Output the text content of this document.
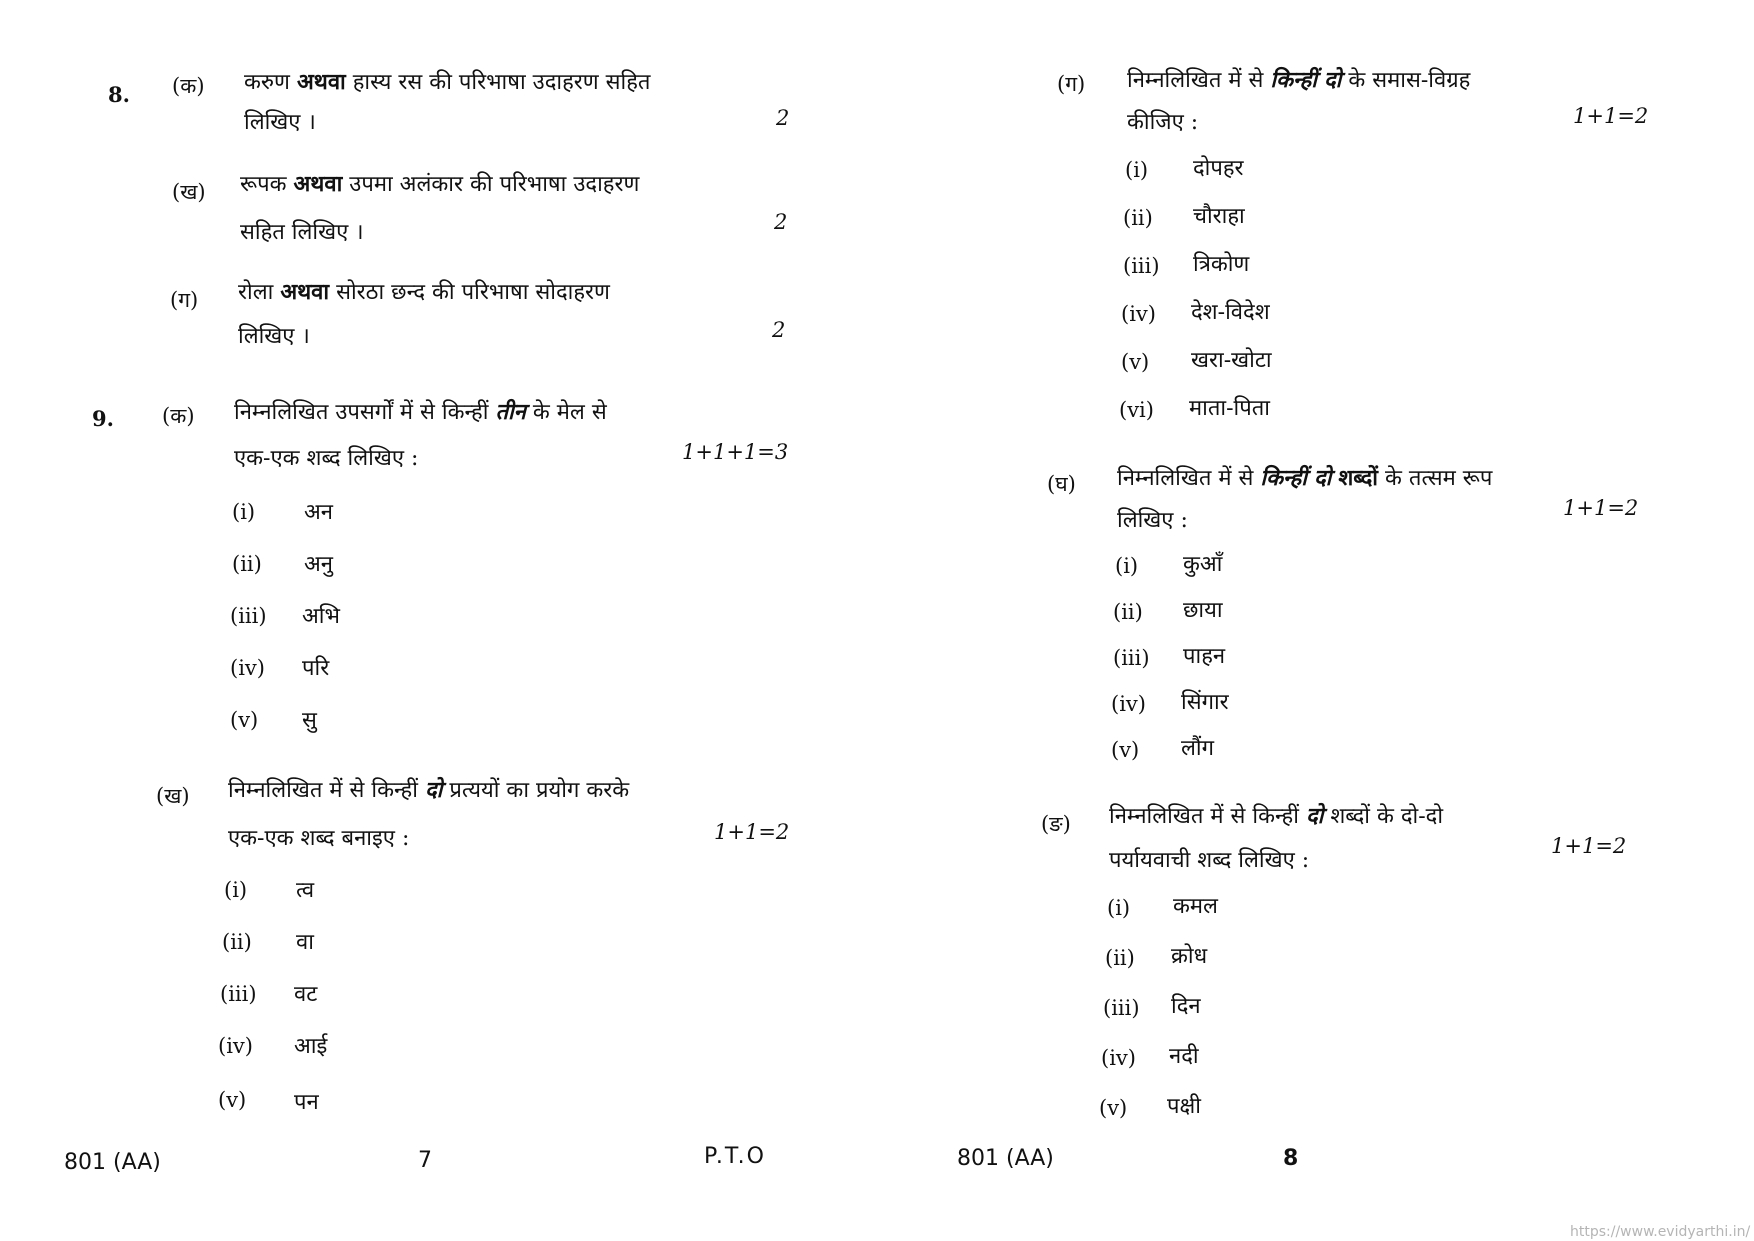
8. (क) करुण अथवा हास्य रस की परिभाषा उदाहरण सहित
लिखिए ।	2
(ख) रूपक अथवा उपमा अलंकार की परिभाषा उदाहरण
सहित लिखिए ।	2
(ग) रोला अथवा सोरठा छन्द की परिभाषा सोदाहरण
लिखिए ।	2
9. (क) निम्नलिखित उपसर्गों में से किन्हीं तीन के मेल से
एक-एक शब्द लिखिए :	1+1+1=3
(i) अन
(ii) अनु
(iii) अभि
(iv) परि
(v) सु
(ख) निम्नलिखित में से किन्हीं दो प्रत्ययों का प्रयोग करके
एक-एक शब्द बनाइए :	1+1=2
(i) त्व
(ii) वा
(iii) वट
(iv) आई
(v) पन
801 (AA)	7	P.T.O
(ग) निम्नलिखित में से किन्हीं दो के समास-विग्रह
कीजिए :	1+1=2
(i) दोपहर
(ii) चौराहा
(iii) त्रिकोण
(iv) देश-विदेश
(v) खरा-खोटा
(vi) माता-पिता
(घ) निम्नलिखित में से किन्हीं दो शब्दों के तत्सम रूप
लिखिए :	1+1=2
(i) कुआँ
(ii) छाया
(iii) पाहन
(iv) सिंगार
(v) लौंग
(ङ) निम्नलिखित में से किन्हीं दो शब्दों के दो-दो
पर्यायवाची शब्द लिखिए :
1+1=2
(i) कमल
(ii) क्रोध
(iii) दिन
(iv) नदी
(v) पक्षी
801 (AA)	8
https://www.evidyarthi.in/
